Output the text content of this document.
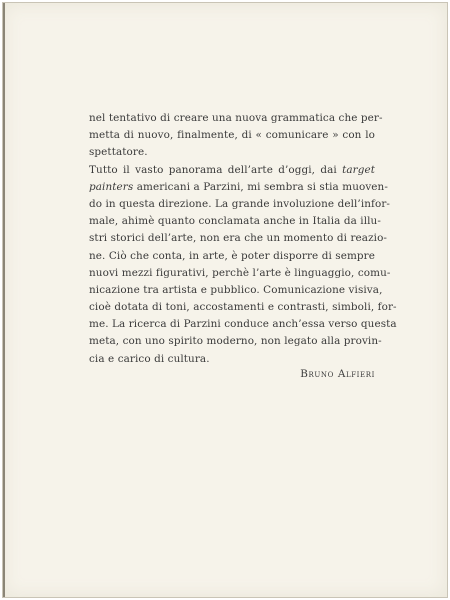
nel tentativo di creare una nuova grammatica che per-
metta di nuovo, finalmente, di « comunicare » con lo
spettatore.
Tutto il vasto panorama dell’arte d’oggi, dai target
painters americani a Parzini, mi sembra si stia muoven-
do in questa direzione. La grande involuzione dell’infor-
male, ahimè quanto conclamata anche in Italia da illu-
stri storici dell’arte, non era che un momento di reazio-
ne. Ciò che conta, in arte, è poter disporre di sempre
nuovi mezzi figurativi, perchè l’arte è linguaggio, comu-
nicazione tra artista e pubblico. Comunicazione visiva,
cioè dotata di toni, accostamenti e contrasti, simboli, for-
me. La ricerca di Parzini conduce anch’essa verso questa
meta, con uno spirito moderno, non legato alla provin-
cia e carico di cultura.
Bruno Alfieri
